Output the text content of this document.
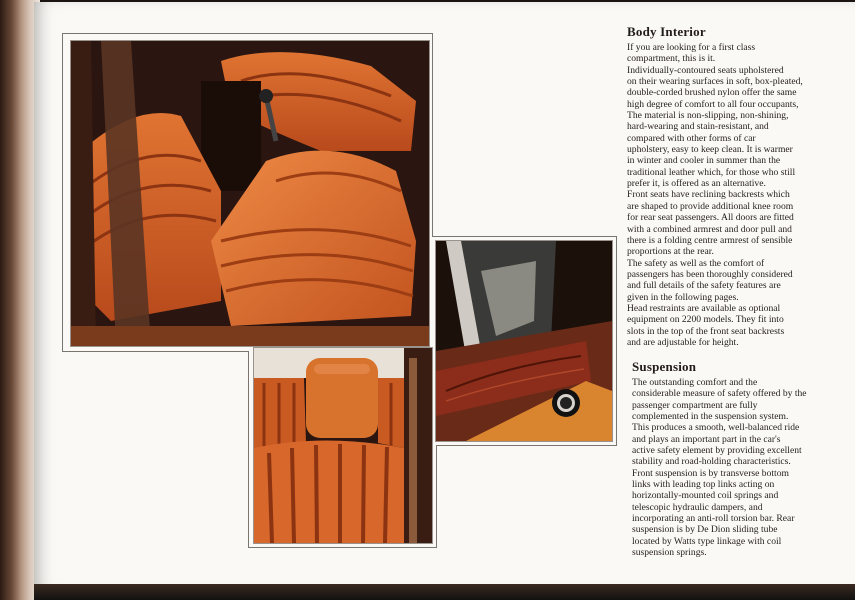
Body Interior

If you are looking for a first class
compartment, this is it.
Individually-contoured seats upholstered
on their wearing surfaces in soft, box-pleated,
double-corded brushed nylon offer the same
high degree of comfort to all four occupants,
The material is non-slipping, non-shining,
hard-wearing and stain-resistant, and
compared with other forms of car
upholstery, easy to keep clean. It is warmer
in winter and cooler in summer than the
traditional leather which, for those who still
prefer it, is offered as an alternative.
Front seats have reclining backrests which
are shaped to provide additional knee room
for rear seat passengers. All doors are fitted
with a combined armrest and door pull and
there is a folding centre armrest of sensible
proportions at the rear.
The safety as well as the comfort of
passengers has been thoroughly considered
and full details of the safety features are
given in the following pages.
Head restraints are available as optional
equipment on 2200 models. They fit into
slots in the top of the front seat backrests
and are adjustable for height.

Suspension

The outstanding comfort and the
considerable measure of safety offered by the
passenger compartment are fully
complemented in the suspension system.
This produces a smooth, well-balanced ride
and plays an important part in the car's
active safety element by providing excellent
stability and road-holding characteristics.
Front suspension is by transverse bottom
links with leading top links acting on
horizontally-mounted coil springs and
telescopic hydraulic dampers, and
incorporating an anti-roll torsion bar. Rear
suspension is by De Dion sliding tube
located by Watts type linkage with coil
suspension springs.
